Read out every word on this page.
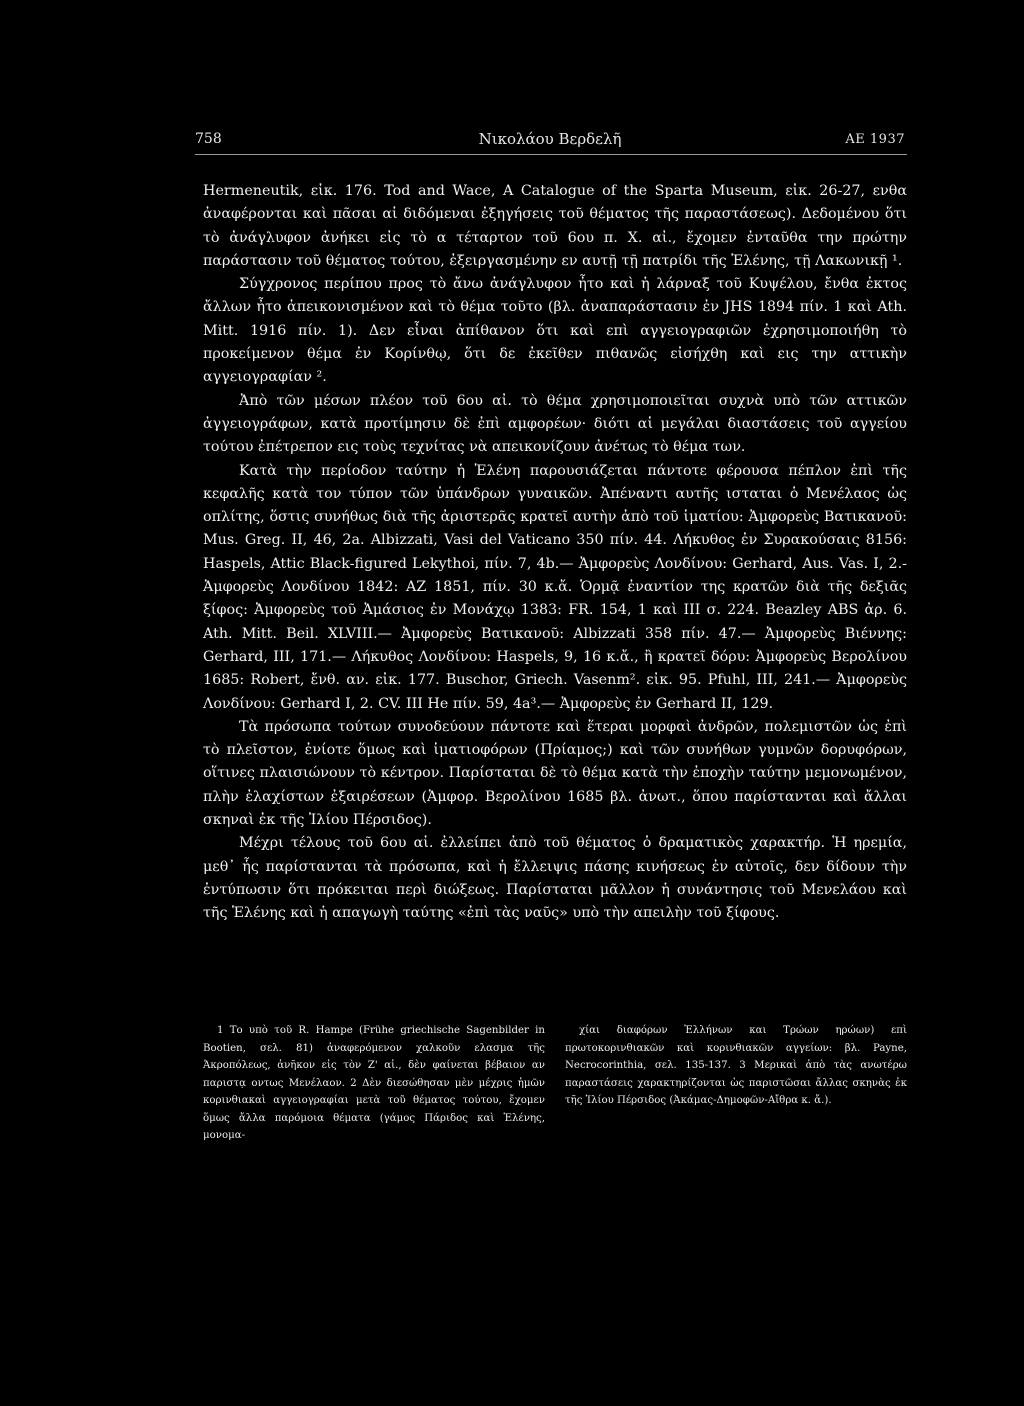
758	Νικολάου Βερδελῆ	ΑΕ 1937

Hermeneutik, εἰκ. 176. Tod and Wace, A Catalogue of the Sparta Museum, εἰκ. 26-27, ενθα ἀναφέρονται καὶ πᾶσαι αἱ διδόμεναι ἐξηγήσεις τοῦ θέματος τῆς παραστάσεως). Δεδομένου ὅτι τὸ ἀνάγλυφον ἀνήκει εἰς τὸ α τέταρτον τοῦ 6ου π. Χ. αἰ., ἔχομεν ἐνταῦθα την πρώτην παράστασιν τοῦ θέματος τούτου, ἐξειργασμένην εν αυτῇ τῇ πατρίδι τῆς Ἑλένης, τῇ Λακωνικῇ ¹.

Σύγχρονος περίπου προς τὸ ἄνω ἀνάγλυφον ἦτο καὶ ἡ λάρναξ τοῦ Κυψέλου, ἔνθα ἐκτος ἄλλων ἦτο ἀπεικονισμένον καὶ τὸ θέμα τοῦτο (βλ. ἀναπαράστασιν ἐν JHS 1894 πίν. 1 καὶ Ath. Mitt. 1916 πίν. 1). Δεν εἶναι ἀπίθανον ὅτι καὶ επὶ αγγειογραφιῶν ἐχρησιμοποιήθη τὸ προκείμενον θέμα ἐν Κορίνθῳ, ὅτι δε ἐκεῖθεν πιθανῶς εἰσήχθη καὶ εις την αττικὴν αγγειογραφίαν ².

Ἀπὸ τῶν μέσων πλέον τοῦ 6ου αἰ. τὸ θέμα χρησιμοποιεῖται συχνὰ υπὸ τῶν αττικῶν ἀγγειογράφων, κατὰ προτίμησιν δὲ ἐπὶ αμφορέων· διότι αἱ μεγάλαι διαστάσεις τοῦ αγγείου τούτου ἐπέτρεπον εις τοὺς τεχνίτας νὰ απεικονίζουν ἀνέτως τὸ θέμα των.

Κατὰ τὴν περίοδον ταύτην ἡ Ἑλένη παρουσιάζεται πάντοτε φέρουσα πέπλον ἐπὶ τῆς κεφαλῆς κατὰ τον τύπον τῶν ὑπάνδρων γυναικῶν. Ἀπέναντι αυτῆς ισταται ὁ Μενέλαος ὡς οπλίτης, ὅστις συνήθως διὰ τῆς ἀριστερᾶς κρατεῖ αυτὴν ἀπὸ τοῦ ἱματίου: Ἀμφορεὺς Βατικανοῦ: Mus. Greg. II, 46, 2a. Albizzati, Vasi del Vaticano 350 πίν. 44. Λήκυθος ἐν Συρακούσαις 8156: Haspels, Attic Black-figured Lekythoi, πίν. 7, 4b.— Ἀμφορεὺς Λονδίνου: Gerhard, Aus. Vas. I, 2.- Ἀμφορεὺς Λονδίνου 1842: AZ 1851, πίν. 30 κ.ἄ. Ὁρμᾷ ἐναντίον της κρατῶν διὰ τῆς δεξιᾶς ξίφος: Ἀμφορεὺς τοῦ Ἀμάσιος ἐν Μονάχῳ 1383: FR. 154, 1 καὶ III σ. 224. Beazley ABS ἀρ. 6. Ath. Mitt. Beil. XLVIII.— Ἀμφορεὺς Βατικανοῦ: Albizzati 358 πίν. 47.— Ἀμφορεὺς Βιέννης: Gerhard, III, 171.— Λήκυθος Λονδίνου: Haspels, 9, 16 κ.ἄ., ἢ κρατεῖ δόρυ: Ἀμφορεὺς Βερολίνου 1685: Robert, ἔνθ. αν. εἰκ. 177. Buschor, Griech. Vasenm². εἰκ. 95. Pfuhl, III, 241.— Ἀμφορεὺς Λονδίνου: Gerhard I, 2. CV. III He πίν. 59, 4a³.— Ἀμφορεὺς ἐν Gerhard II, 129.

Τὰ πρόσωπα τούτων συνοδεύουν πάντοτε καὶ ἕτεραι μορφαὶ ἀνδρῶν, πολεμιστῶν ὡς ἐπὶ τὸ πλεῖστον, ἐνίοτε ὅμως καὶ ἱματιοφόρων (Πρίαμος;) καὶ τῶν συνήθων γυμνῶν δορυφόρων, οἵτινες πλαισιώνουν τὸ κέντρον. Παρίσταται δὲ τὸ θέμα κατὰ τὴν ἐποχὴν ταύτην μεμονωμένον, πλὴν ἐλαχίστων ἐξαιρέσεων (Ἀμφορ. Βερολίνου 1685 βλ. ἀνωτ., ὅπου παρίστανται καὶ ἄλλαι σκηναὶ ἐκ τῆς Ἰλίου Πέρσιδος).

Μέχρι τέλους τοῦ 6ου αἰ. ἐλλείπει ἀπὸ τοῦ θέματος ὁ δραματικὸς χαρακτήρ. Ἡ ηρεμία, μεθ᾽ ἧς παρίστανται τὰ πρόσωπα, καὶ ἡ ἔλλειψις πάσης κινήσεως ἐν αὐτοῖς, δεν δίδουν τὴν ἐντύπωσιν ὅτι πρόκειται περὶ διώξεως. Παρίσταται μᾶλλον ἡ συνάντησις τοῦ Μενελάου καὶ τῆς Ἑλένης καὶ ἡ απαγωγὴ ταύτης «ἐπὶ τὰς ναῦς» υπὸ τὴν απειλὴν τοῦ ξίφους.

1 Το υπὸ τοῦ R. Hampe (Frühe griechische Sagenbilder in Bootien, σελ. 81) ἀναφερόμενον χαλκοῦν ελασμα τῆς Ἀκροπόλεως, ἀνῆκον εἰς τὸν Ζ' αἰ., δὲν φαίνεται βέβαιον αν παριστᾳ οντως Μενέλαον. 2 Δὲν διεσώθησαν μὲν μέχρις ἡμῶν κορινθιακαὶ αγγειογραφίαι μετὰ τοῦ θέματος τούτου, ἔχομεν ὅμως ἄλλα παρόμοια θέματα (γάμος Πάριδος καὶ Ἑλένης, μονομα-

χίαι διαφόρων Ἑλλήνων και Τρώων ηρώων) επὶ πρωτοκορινθιακῶν καὶ κορινθιακῶν αγγείων: βλ. Payne, Necrocorinthia, σελ. 135-137. 3 Μερικαὶ ἀπὸ τὰς ανωτέρω παραστάσεις χαρακτηρίζονται ὡς παριστῶσαι ἄλλας σκηνὰς ἐκ τῆς Ἰλίου Πέρσιδος (Ἀκάμας-Δημοφῶν-Αἴθρα κ. ἄ.).
